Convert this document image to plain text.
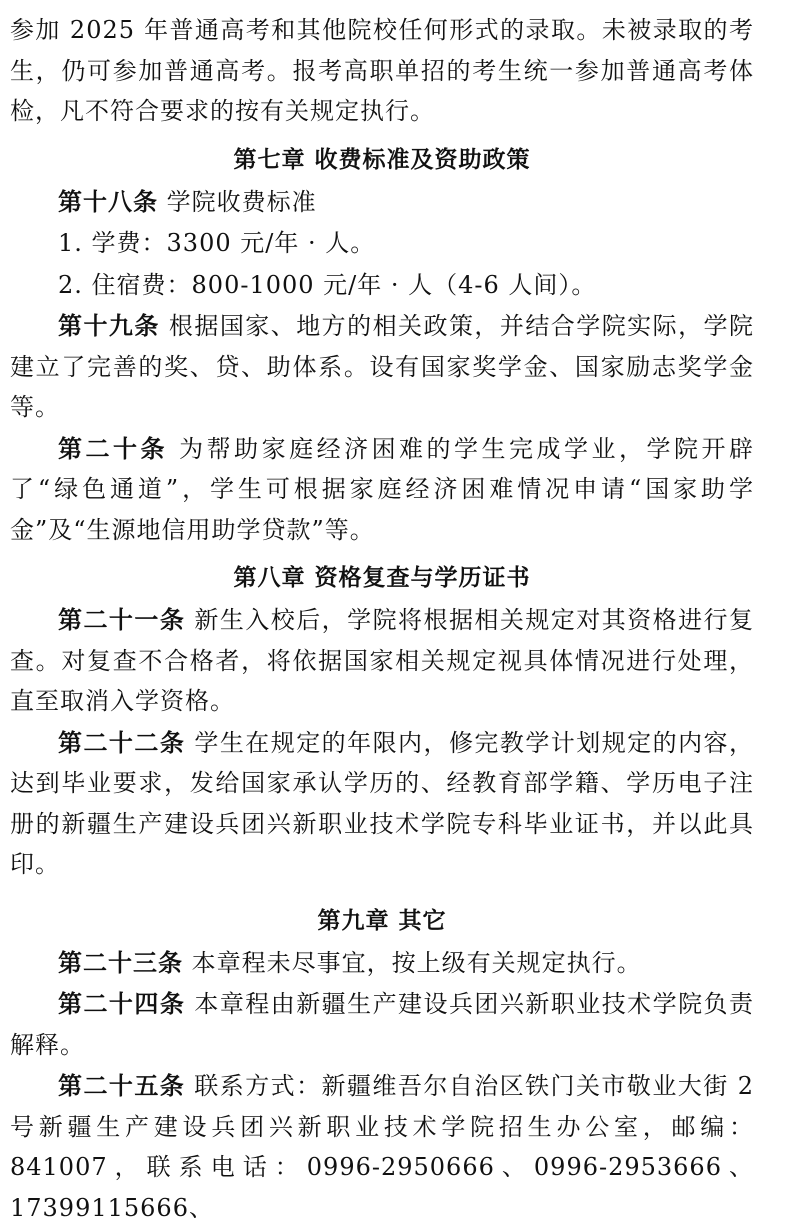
参加 2025 年普通高考和其他院校任何形式的录取。未被录取的考生，仍可参加普通高考。报考高职单招的考生统一参加普通高考体检，凡不符合要求的按有关规定执行。

第七章 收费标准及资助政策

第十八条 学院收费标准

1. 学费：3300 元/年 · 人。

2. 住宿费：800-1000 元/年 · 人（4-6 人间）。

第十九条 根据国家、地方的相关政策，并结合学院实际，学院建立了完善的奖、贷、助体系。设有国家奖学金、国家励志奖学金等。

第二十条 为帮助家庭经济困难的学生完成学业，学院开辟了“绿色通道”，学生可根据家庭经济困难情况申请“国家助学金”及“生源地信用助学贷款”等。

第八章 资格复查与学历证书

第二十一条 新生入校后，学院将根据相关规定对其资格进行复查。对复查不合格者，将依据国家相关规定视具体情况进行处理，直至取消入学资格。

第二十二条 学生在规定的年限内，修完教学计划规定的内容，达到毕业要求，发给国家承认学历的、经教育部学籍、学历电子注册的新疆生产建设兵团兴新职业技术学院专科毕业证书，并以此具印。

第九章 其它

第二十三条 本章程未尽事宜，按上级有关规定执行。

第二十四条 本章程由新疆生产建设兵团兴新职业技术学院负责解释。

第二十五条 联系方式：新疆维吾尔自治区铁门关市敬业大街 2 号新疆生产建设兵团兴新职业技术学院招生办公室，邮编：841007，联系电话：0996-2950666、0996-2953666、17399115666、
